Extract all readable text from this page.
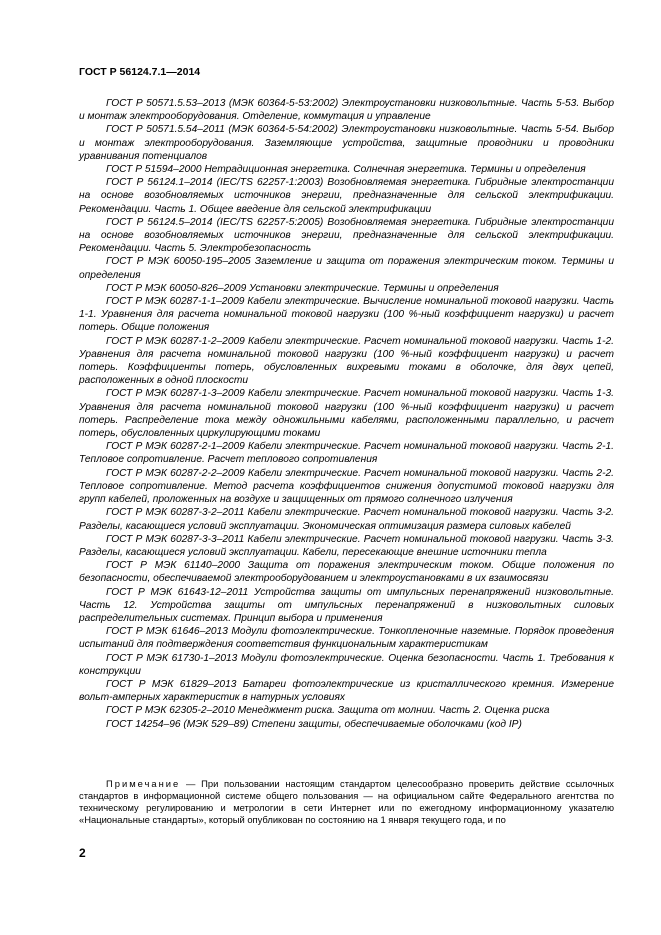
ГОСТ Р 56124.7.1—2014

ГОСТ Р 50571.5.53–2013 (МЭК 60364-5-53:2002) Электроустановки низковольтные. Часть 5-53. Выбор и монтаж электрооборудования. Отделение, коммутация и управление

ГОСТ Р 50571.5.54–2011 (МЭК 60364-5-54:2002) Электроустановки низковольтные. Часть 5-54. Выбор и монтаж электрооборудования. Заземляющие устройства, защитные проводники и проводники уравнивания потенциалов

ГОСТ Р 51594–2000 Нетрадиционная энергетика. Солнечная энергетика. Термины и определения

ГОСТ Р 56124.1–2014 (IEC/TS 62257-1:2003) Возобновляемая энергетика. Гибридные электростанции на основе возобновляемых источников энергии, предназначенные для сельской электрификации. Рекомендации. Часть 1. Общее введение для сельской электрификации

ГОСТ Р 56124.5–2014 (IEC/TS 62257-5:2005) Возобновляемая энергетика. Гибридные электростанции на основе возобновляемых источников энергии, предназначенные для сельской электрификации. Рекомендации. Часть 5. Электробезопасность

ГОСТ Р МЭК 60050-195–2005 Заземление и защита от поражения электрическим током. Термины и определения

ГОСТ Р МЭК 60050-826–2009 Установки электрические. Термины и определения

ГОСТ Р МЭК 60287-1-1–2009 Кабели электрические. Вычисление номинальной токовой нагрузки. Часть 1-1. Уравнения для расчета номинальной токовой нагрузки (100 %-ный коэффициент нагрузки) и расчет потерь. Общие положения

ГОСТ Р МЭК 60287-1-2–2009 Кабели электрические. Расчет номинальной токовой нагрузки. Часть 1-2. Уравнения для расчета номинальной токовой нагрузки (100 %-ный коэффициент нагрузки) и расчет потерь. Коэффициенты потерь, обусловленных вихревыми токами в оболочке, для двух цепей, расположенных в одной плоскости

ГОСТ Р МЭК 60287-1-3–2009 Кабели электрические. Расчет номинальной токовой нагрузки. Часть 1-3. Уравнения для расчета номинальной токовой нагрузки (100 %-ный коэффициент нагрузки) и расчет потерь. Распределение тока между одножильными кабелями, расположенными параллельно, и расчет потерь, обусловленных циркулирующими токами

ГОСТ Р МЭК 60287-2-1–2009 Кабели электрические. Расчет номинальной токовой нагрузки. Часть 2-1. Тепловое сопротивление. Расчет теплового сопротивления

ГОСТ Р МЭК 60287-2-2–2009 Кабели электрические. Расчет номинальной токовой нагрузки. Часть 2-2. Тепловое сопротивление. Метод расчета коэффициентов снижения допустимой токовой нагрузки для групп кабелей, проложенных на воздухе и защищенных от прямого солнечного излучения

ГОСТ Р МЭК 60287-3-2–2011 Кабели электрические. Расчет номинальной токовой нагрузки. Часть 3-2. Разделы, касающиеся условий эксплуатации. Экономическая оптимизация размера силовых кабелей

ГОСТ Р МЭК 60287-3-3–2011 Кабели электрические. Расчет номинальной токовой нагрузки. Часть 3-3. Разделы, касающиеся условий эксплуатации. Кабели, пересекающие внешние источники тепла

ГОСТ Р МЭК 61140–2000 Защита от поражения электрическим током. Общие положения по безопасности, обеспечиваемой электрооборудованием и электроустановками в их взаимосвязи

ГОСТ Р МЭК 61643-12–2011 Устройства защиты от импульсных перенапряжений низковольтные. Часть 12. Устройства защиты от импульсных перенапряжений в низковольтных силовых распределительных системах. Принцип выбора и применения

ГОСТ Р МЭК 61646–2013 Модули фотоэлектрические. Тонкопленочные наземные. Порядок проведения испытаний для подтверждения соответствия функциональным характеристикам

ГОСТ Р МЭК 61730-1–2013 Модули фотоэлектрические. Оценка безопасности. Часть 1. Требования к конструкции

ГОСТ Р МЭК 61829–2013 Батареи фотоэлектрические из кристаллического кремния. Измерение вольт-амперных характеристик в натурных условиях

ГОСТ Р МЭК 62305-2–2010 Менеджмент риска. Защита от молнии. Часть 2. Оценка риска

ГОСТ 14254–96 (МЭК 529–89) Степени защиты, обеспечиваемые оболочками (код IP)

Примечание — При пользовании настоящим стандартом целесообразно проверить действие ссылочных стандартов в информационной системе общего пользования — на официальном сайте Федерального агентства по техническому регулированию и метрологии в сети Интернет или по ежегодному информационному указателю «Национальные стандарты», который опубликован по состоянию на 1 января текущего года, и по

2
